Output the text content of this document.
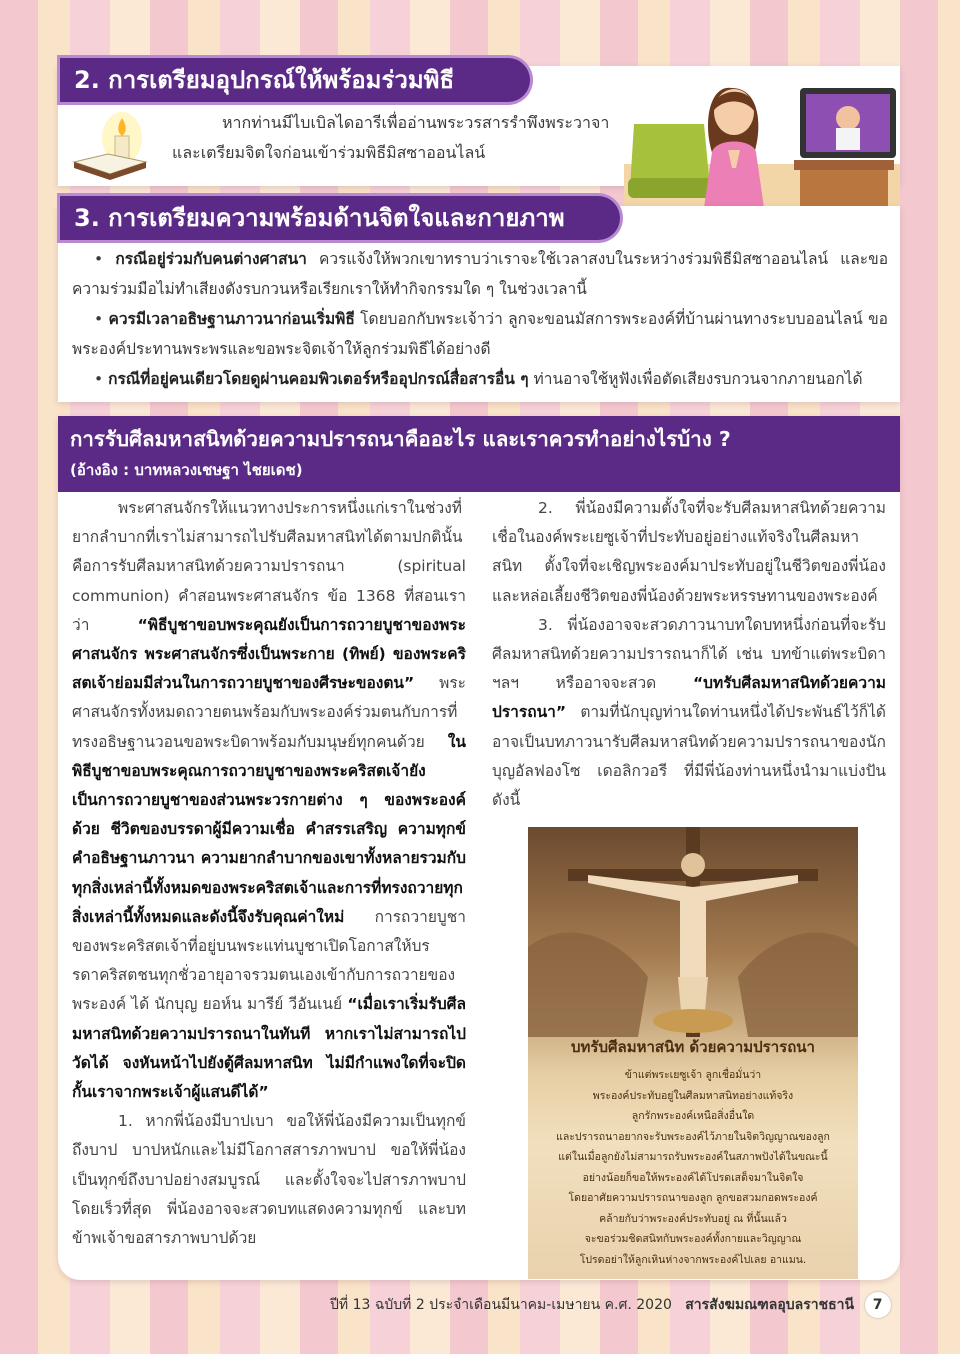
2. การเตรียมอุปกรณ์ให้พร้อมร่วมพิธี
หากท่านมีไบเบิลไดอารีเพื่ออ่านพระวรสารรำพึงพระวาจา
และเตรียมจิตใจก่อนเข้าร่วมพิธีมิสซาออนไลน์
3. การเตรียมความพร้อมด้านจิตใจและกายภาพ

• กรณีอยู่ร่วมกับคนต่างศาสนา ควรแจ้งให้พวกเขาทราบว่าเราจะใช้เวลาสงบในระหว่างร่วมพิธีมิสซาออนไลน์ และขอความร่วมมือไม่ทำเสียงดังรบกวนหรือเรียกเราให้ทำกิจกรรมใด ๆ ในช่วงเวลานี้

• ควรมีเวลาอธิษฐานภาวนาก่อนเริ่มพิธี โดยบอกกับพระเจ้าว่า ลูกจะขอนมัสการพระองค์ที่บ้านผ่านทางระบบออนไลน์ ขอพระองค์ประทานพระพรและขอพระจิตเจ้าให้ลูกร่วมพิธีได้อย่างดี

• กรณีที่อยู่คนเดียวโดยดูผ่านคอมพิวเตอร์หรืออุปกรณ์สื่อสารอื่น ๆ ท่านอาจใช้หูฟังเพื่อตัดเสียงรบกวนจากภายนอกได้

การรับศีลมหาสนิทด้วยความปรารถนาคืออะไร และเราควรทำอย่างไรบ้าง ?
(อ้างอิง : บาทหลวงเชษฐา ไชยเดช)

พระศาสนจักรให้แนวทางประการหนึ่งแก่เราในช่วงที่ยากลำบากที่เราไม่สามารถไปรับศีลมหาสนิทได้ตามปกตินั้น คือการรับศีลมหาสนิทด้วยความปรารถนา (spiritual communion) คำสอนพระศาสนจักร ข้อ 1368 ที่สอนเราว่า “พิธีบูชาขอบพระคุณยังเป็นการถวายบูชาของพระศาสนจักร พระศาสนจักรซึ่งเป็นพระกาย (ทิพย์) ของพระคริสตเจ้าย่อมมีส่วนในการถวายบูชาของศีรษะของตน” พระศาสนจักรทั้งหมดถวายตนพร้อมกับพระองค์ร่วมตนกับการที่ทรงอธิษฐานวอนขอพระบิดาพร้อมกับมนุษย์ทุกคนด้วย ในพิธีบูชาขอบพระคุณการถวายบูชาของพระคริสตเจ้ายังเป็นการถวายบูชาของส่วนพระวรกายต่าง ๆ ของพระองค์ด้วย ชีวิตของบรรดาผู้มีความเชื่อ คำสรรเสริญ ความทุกข์ คำอธิษฐานภาวนา ความยากลำบากของเขาทั้งหลายรวมกับทุกสิ่งเหล่านี้ทั้งหมดของพระคริสตเจ้าและการที่ทรงถวายทุกสิ่งเหล่านี้ทั้งหมดและดังนี้จึงรับคุณค่าใหม่ การถวายบูชาของพระคริสตเจ้าที่อยู่บนพระแท่นบูชาเปิดโอกาสให้บรรดาคริสตชนทุกชั่วอายุอาจรวมตนเองเข้ากับการถวายของพระองค์ ได้ นักบุญ ยอห์น มารีย์ วีอันเนย์ “เมื่อเราเริ่มรับศีลมหาสนิทด้วยความปรารถนาในทันที หากเราไม่สามารถไปวัดได้ จงหันหน้าไปยังตู้ศีลมหาสนิท ไม่มีกำแพงใดที่จะปิดกั้นเราจากพระเจ้าผู้แสนดีได้”

1. หากพี่น้องมีบาปเบา ขอให้พี่น้องมีความเป็นทุกข์ถึงบาป บาปหนักและไม่มีโอกาสสารภาพบาป ขอให้พี่น้องเป็นทุกข์ถึงบาปอย่างสมบูรณ์ และตั้งใจจะไปสารภาพบาปโดยเร็วที่สุด พี่น้องอาจจะสวดบทแสดงความทุกข์ และบทข้าพเจ้าขอสารภาพบาปด้วย

2. พี่น้องมีความตั้งใจที่จะรับศีลมหาสนิทด้วยความเชื่อในองค์พระเยซูเจ้าที่ประทับอยู่อย่างแท้จริงในศีลมหาสนิท ตั้งใจที่จะเชิญพระองค์มาประทับอยู่ในชีวิตของพี่น้อง และหล่อเลี้ยงชีวิตของพี่น้องด้วยพระหรรษทานของพระองค์

3. พี่น้องอาจจะสวดภาวนาบทใดบทหนึ่งก่อนที่จะรับศีลมหาสนิทด้วยความปรารถนาก็ได้ เช่น บทข้าแต่พระบิดา ฯลฯ หรืออาจจะสวด “บทรับศีลมหาสนิทด้วยความปรารถนา” ตามที่นักบุญท่านใดท่านหนึ่งได้ประพันธ์ไว้ก็ได้อาจเป็นบทภาวนารับศีลมหาสนิทด้วยความปรารถนาของนักบุญอัลฟองโซ เดอลิกวอรี ที่มีพี่น้องท่านหนึ่งนำมาแบ่งปันดังนี้

บทรับศีลมหาสนิท ด้วยความปรารถนา
ข้าแต่พระเยซูเจ้า ลูกเชื่อมั่นว่า
พระองค์ประทับอยู่ในศีลมหาสนิทอย่างแท้จริง
ลูกรักพระองค์เหนือสิ่งอื่นใด
และปรารถนาอยากจะรับพระองค์ไว้ภายในจิตวิญญาณของลูก
แต่ในเมื่อลูกยังไม่สามารถรับพระองค์ในสภาพปังได้ในขณะนี้
อย่างน้อยก็ขอให้พระองค์ได้โปรดเสด็จมาในจิตใจ
โดยอาศัยความปรารถนาของลูก ลูกขอสวมกอดพระองค์
คล้ายกับว่าพระองค์ประทับอยู่ ณ ที่นั้นแล้ว
จะขอร่วมชิดสนิทกับพระองค์ทั้งกายและวิญญาณ
โปรดอย่าให้ลูกเหินห่างจากพระองค์ไปเลย อาแมน.
ปีที่ 13 ฉบับที่ 2 ประจำเดือนมีนาคม-เมษายน ค.ศ. 2020 สารสังฆมณฑลอุบลราชธานี 7
